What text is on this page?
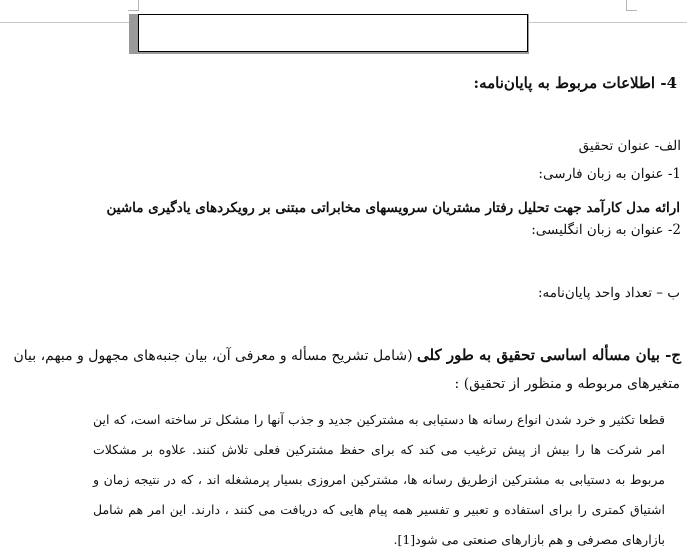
4- اطلاعات مربوط به پایان‌نامه:
الف- عنوان تحقیق
1- عنوان به زبان فارسی:
ارائه مدل کارآمد جهت تحلیل رفتار مشتریان سرویسهای مخابراتی مبتنی بر رویکردهای یادگیری ماشین
2- عنوان به زبان انگلیسی:
ب – تعداد واحد پایان‌نامه:
ج- بیان مسأله اساسی تحقیق به طور کلی (شامل تشریح مسأله و معرفی آن، بیان جنبه‌های مجهول و مبهم، بیان
متغیرهای مربوطه و منظور از تحقیق) :
قطعا تکثیر و خرد شدن انواع رسانه ها دستیابی به مشترکین جدید و جذب آنها را مشکل تر ساخته است، که این امر شرکت ها را بیش از پیش ترغیب می کند که برای حفظ مشترکین فعلی تلاش کنند. علاوه بر مشکلات مربوط به دستیابی به مشترکین ازطریق رسانه ها، مشترکین امروزی بسیار پرمشغله اند ، که در نتیجه زمان و اشتیاق کمتری را برای استفاده و تعبیر و تفسیر همه پیام هایی که دریافت می کنند ، دارند. این امر هم شامل بازارهای مصرفی و هم بازارهای صنعتی می شود[1].
